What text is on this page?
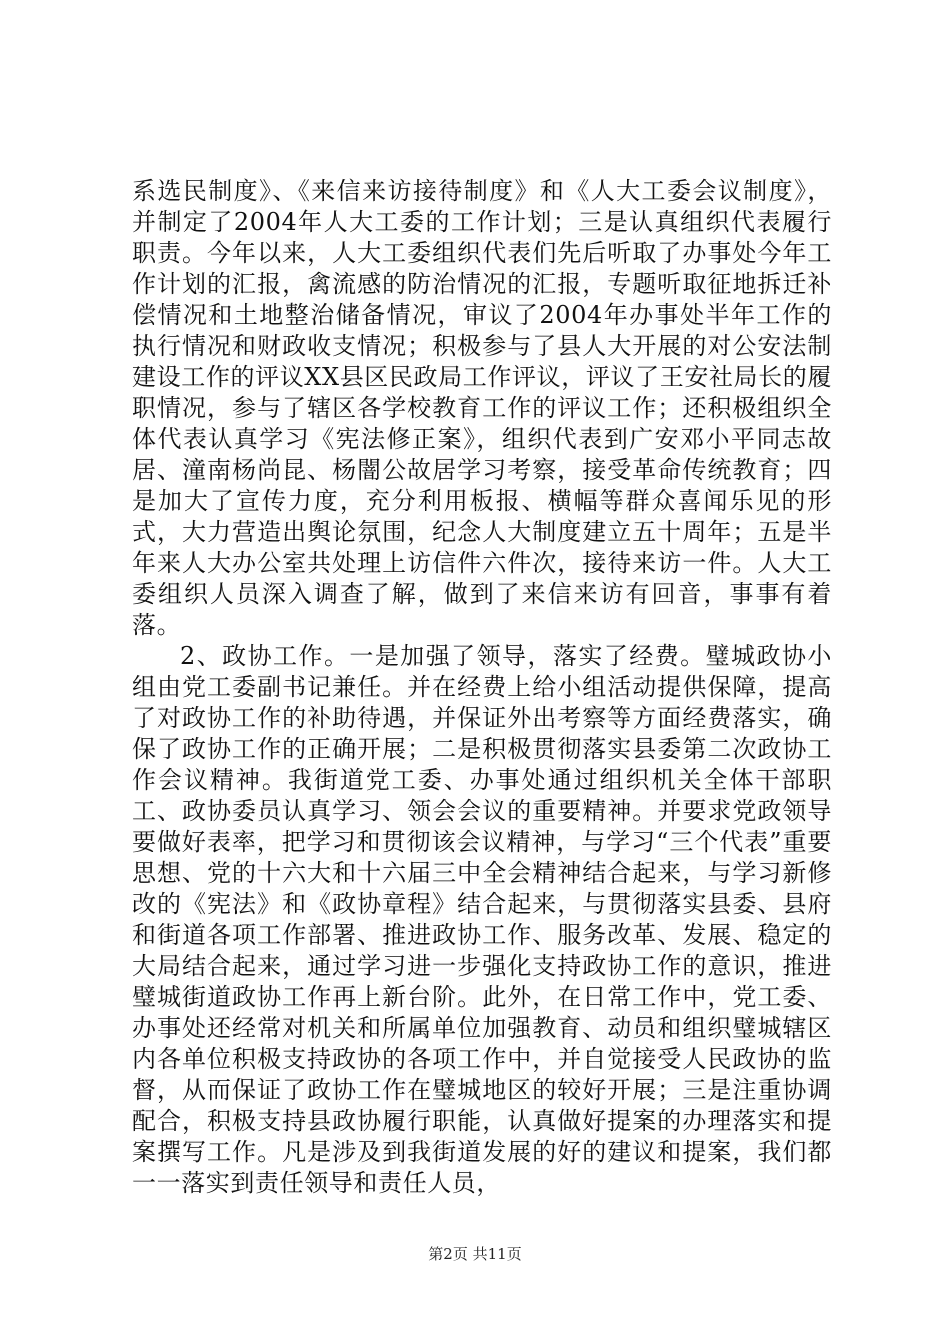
系选民制度》、《来信来访接待制度》和《人大工委会议制度》，并制定了2004年人大工委的工作计划；三是认真组织代表履行职责。今年以来，人大工委组织代表们先后听取了办事处今年工作计划的汇报，禽流感的防治情况的汇报，专题听取征地拆迁补偿情况和土地整治储备情况，审议了2004年办事处半年工作的执行情况和财政收支情况；积极参与了县人大开展的对公安法制建设工作的评议XX县区民政局工作评议，评议了王安社局长的履职情况，参与了辖区各学校教育工作的评议工作；还积极组织全体代表认真学习《宪法修正案》，组织代表到广安邓小平同志故居、潼南杨尚昆、杨闇公故居学习考察，接受革命传统教育；四是加大了宣传力度，充分利用板报、横幅等群众喜闻乐见的形式，大力营造出舆论氛围，纪念人大制度建立五十周年；五是半年来人大办公室共处理上访信件六件次，接待来访一件。人大工委组织人员深入调查了解，做到了来信来访有回音，事事有着落。

2、政协工作。一是加强了领导，落实了经费。璧城政协小组由党工委副书记兼任。并在经费上给小组活动提供保障，提高了对政协工作的补助待遇，并保证外出考察等方面经费落实，确保了政协工作的正确开展；二是积极贯彻落实县委第二次政协工作会议精神。我街道党工委、办事处通过组织机关全体干部职工、政协委员认真学习、领会会议的重要精神。并要求党政领导要做好表率，把学习和贯彻该会议精神，与学习“三个代表”重要思想、党的十六大和十六届三中全会精神结合起来，与学习新修改的《宪法》和《政协章程》结合起来，与贯彻落实县委、县府和街道各项工作部署、推进政协工作、服务改革、发展、稳定的大局结合起来，通过学习进一步强化支持政协工作的意识，推进璧城街道政协工作再上新台阶。此外，在日常工作中，党工委、办事处还经常对机关和所属单位加强教育、动员和组织璧城辖区内各单位积极支持政协的各项工作中，并自觉接受人民政协的监督，从而保证了政协工作在璧城地区的较好开展；三是注重协调配合，积极支持县政协履行职能，认真做好提案的办理落实和提案撰写工作。凡是涉及到我街道发展的好的建议和提案，我们都一一落实到责任领导和责任人员，

第2页 共11页
